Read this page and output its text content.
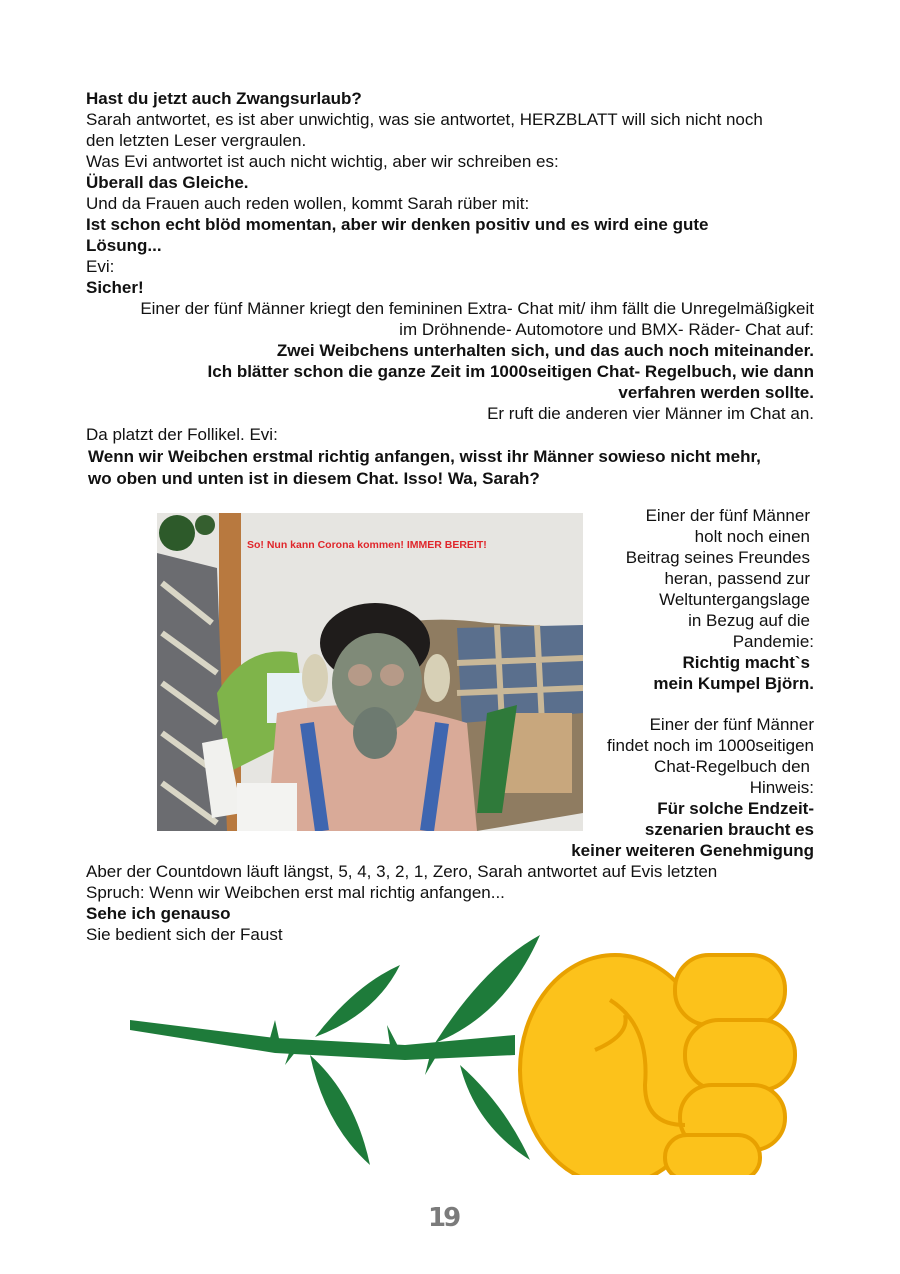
Hast du jetzt auch Zwangsurlaub?
Sarah antwortet, es ist aber unwichtig, was sie antwortet, HERZBLATT will sich nicht noch
den letzten Leser vergraulen.
Was Evi antwortet ist auch nicht wichtig, aber wir schreiben es:
Überall das Gleiche.
Und da Frauen auch reden wollen, kommt Sarah rüber mit:
Ist schon echt blöd momentan, aber wir denken positiv und es wird eine gute
Lösung...
Evi:
Sicher!
Einer der fünf Männer kriegt den femininen Extra- Chat mit/ ihm fällt die Unregelmäßigkeit
im Dröhnende- Automotore und BMX- Räder- Chat auf:
Zwei Weibchens unterhalten sich, und das auch noch miteinander.
Ich blätter schon die ganze Zeit im 1000seitigen Chat- Regelbuch, wie dann
verfahren werden sollte.
Er ruft die anderen vier Männer im Chat an.
Da platzt der Follikel. Evi:
Wenn wir Weibchen erstmal richtig anfangen, wisst ihr Männer sowieso nicht mehr,
wo oben und unten ist in diesem Chat. Isso! Wa, Sarah?
So! Nun kann Corona kommen! IMMER BEREIT!
Einer der fünf Männer
holt noch einen
Beitrag seines Freundes
heran, passend zur
Weltuntergangslage
in Bezug auf die
Pandemie:
Richtig macht`s
mein Kumpel Björn.
Einer der fünf Männer
findet noch im 1000seitigen
Chat-Regelbuch den
Hinweis:
Für solche Endzeit-
szenarien braucht es
keiner weiteren Genehmigung
Aber der Countdown läuft längst, 5, 4, 3, 2, 1, Zero, Sarah antwortet auf Evis letzten
Spruch: Wenn wir Weibchen erst mal richtig anfangen...
Sehe ich genauso
Sie bedient sich der Faust
19
